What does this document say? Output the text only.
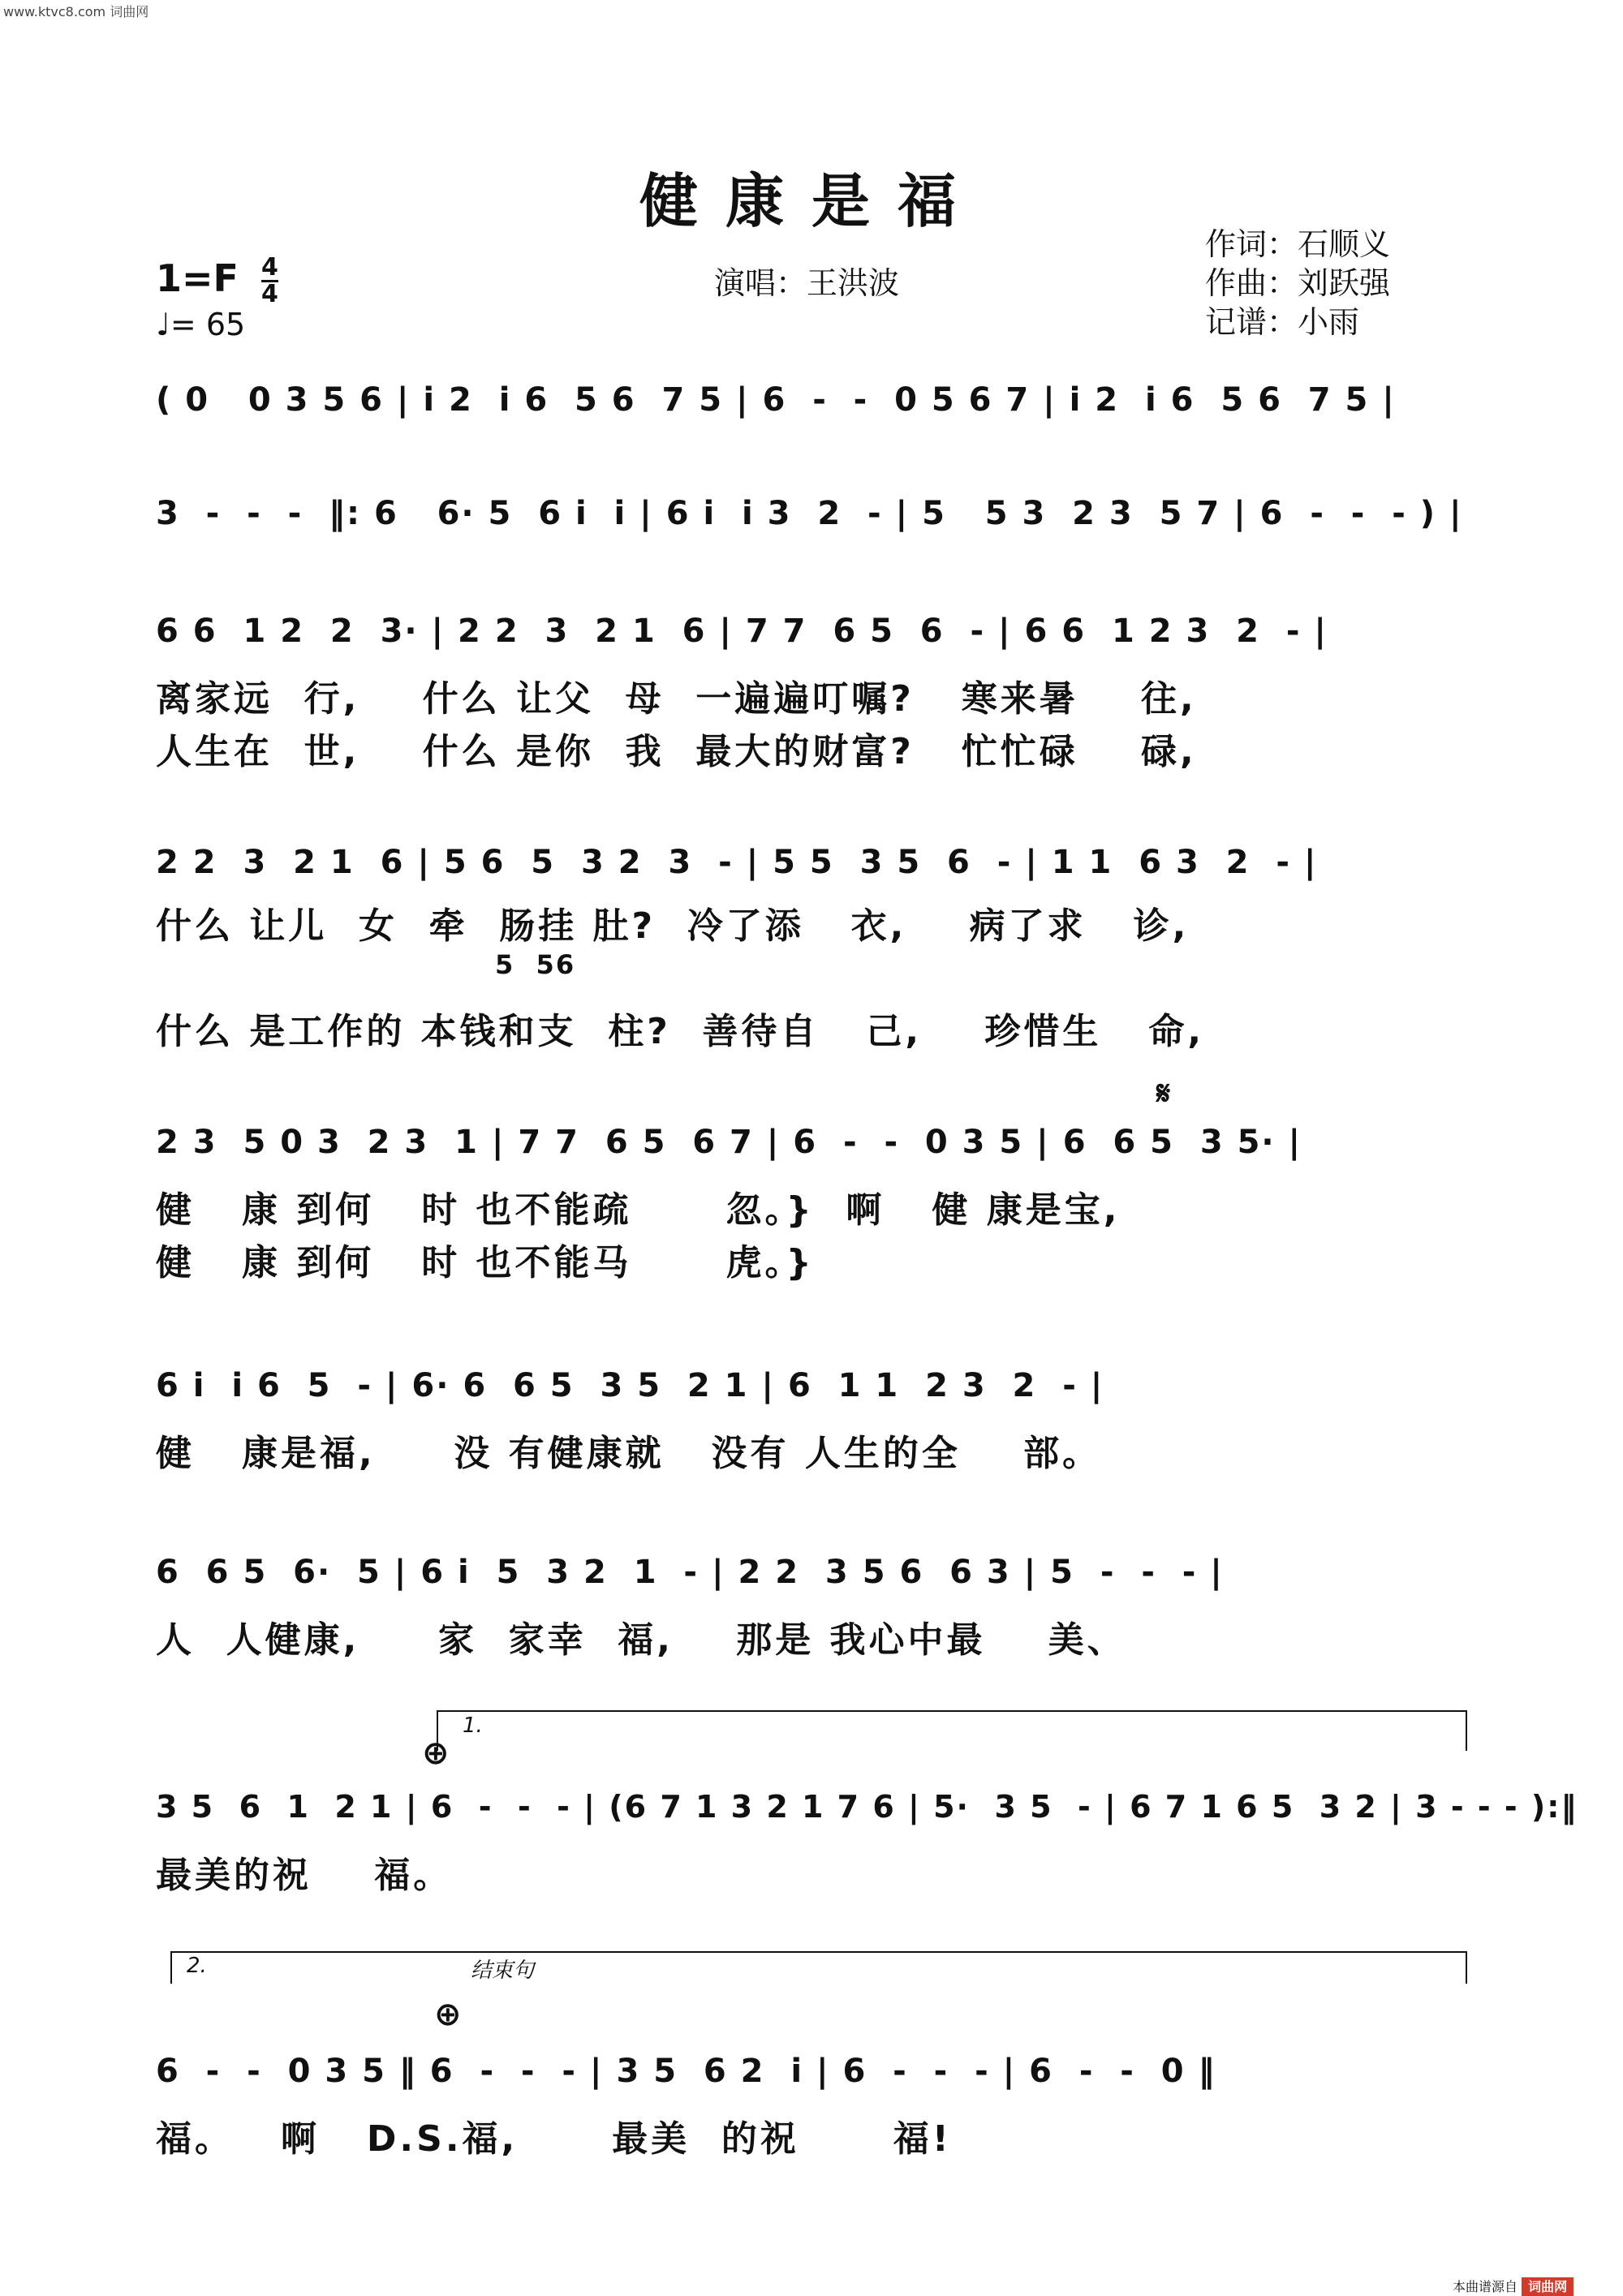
www.ktvc8.com 词曲网
健康是福
作词：石顺义
作曲：刘跃强
记谱：小雨
演唱：王洪波
$1=F \frac{4}{4}$
♩= 65
( 0   0 3 5 6 | i 2  i 6  5 6  7 5 | 6  -  -  0 5 6 7 | i 2  i 6  5 6  7 5 |
3  -  -  -  ‖: 6   6· 5  6 i  i | 6 i  i 3  2  - | 5   5 3  2 3  5 7 | 6  -  -  - ) |
6 6  1 2  2  3· | 2 2  3  2 1  6 | 7 7  6 5  6  - | 6 6  1 2 3  2  - |
离家远  行,    什么 让父  母  一遍遍叮嘱?   寒来暑    往,
人生在  世,    什么 是你  我  最大的财富?   忙忙碌    碌,
2 2  3  2 1  6 | 5 6  5  3 2  3  - | 5 5  3 5  6  - | 1 1  6 3  2  - |
什么 让儿  女  牵  肠挂 肚?  冷了添   衣,    病了求   诊,
5  56
什么 是工作的 本钱和支  柱?  善待自   己,    珍惜生   命,
𝄋
2 3  5 0 3  2 3  1 | 7 7  6 5  6 7 | 6  -  -  0 3 5 | 6  6 5  3 5· |
健   康 到何   时 也不能疏      忽。}  啊   健 康是宝,
健   康 到何   时 也不能马      虎。}
6 i  i 6  5  - | 6· 6  6 5  3 5  2 1 | 6  1 1  2 3  2  - |
健   康是福,     没 有健康就   没有 人生的全    部。
6  6 5  6·  5 | 6 i  5  3 2  1  - | 2 2  3 5 6  6 3 | 5  -  -  - |
人  人健康,     家  家幸  福,    那是 我心中最    美、
1.
⊕
3 5  6  1  2 1 | 6  -  -  - | (6 7 1 3 2 1 7 6 | 5·  3 5  - | 6 7 1 6 5  3 2 | 3 - - - ):‖
最美的祝    福。
2.	结束句
⊕
6  -  -  0 3 5 ‖ 6  -  -  - | 3 5  6 2  i | 6  -  -  - | 6  -  -  0 ‖
福。   啊   D.S.福,      最美  的祝      福!
本曲谱源自 词曲网
